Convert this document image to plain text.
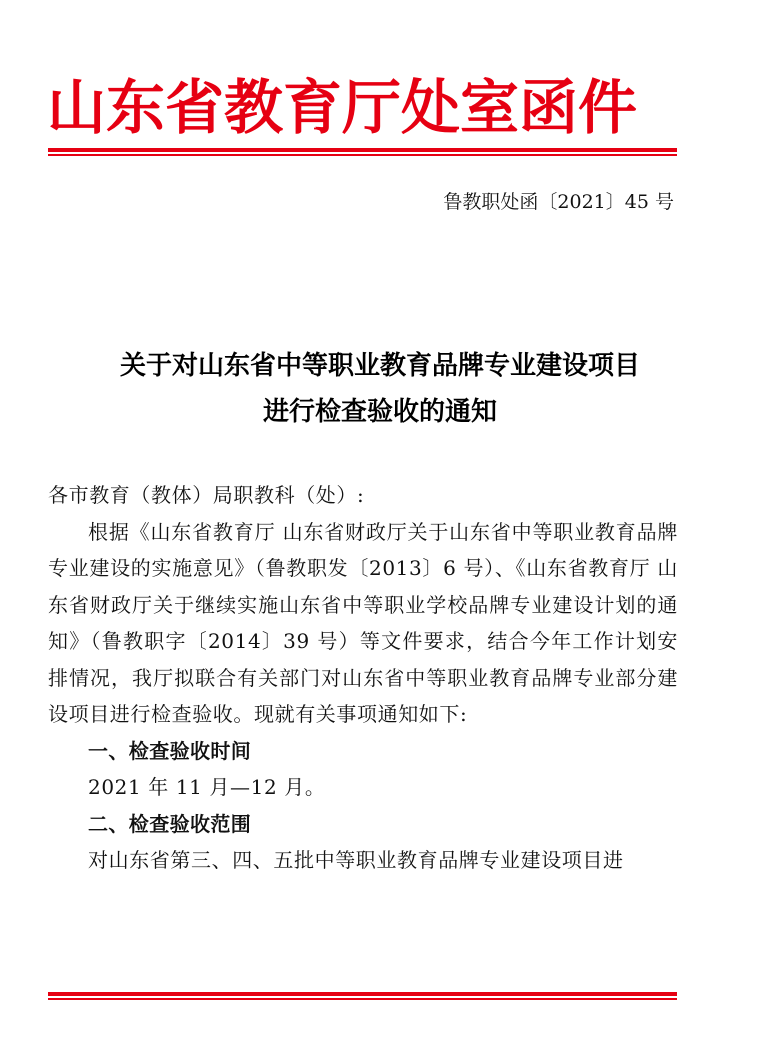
山东省教育厅处室函件
鲁教职处函〔2021〕45 号
关于对山东省中等职业教育品牌专业建设项目
进行检查验收的通知

各市教育（教体）局职教科（处）:

根据《山东省教育厅 山东省财政厅关于山东省中等职业教育品牌专业建设的实施意见》（鲁教职发〔2013〕6 号）、《山东省教育厅 山东省财政厅关于继续实施山东省中等职业学校品牌专业建设计划的通知》（鲁教职字〔2014〕39 号）等文件要求，结合今年工作计划安排情况，我厅拟联合有关部门对山东省中等职业教育品牌专业部分建设项目进行检查验收。现就有关事项通知如下:

一、检查验收时间

2021 年 11 月—12 月。

二、检查验收范围

对山东省第三、四、五批中等职业教育品牌专业建设项目进
